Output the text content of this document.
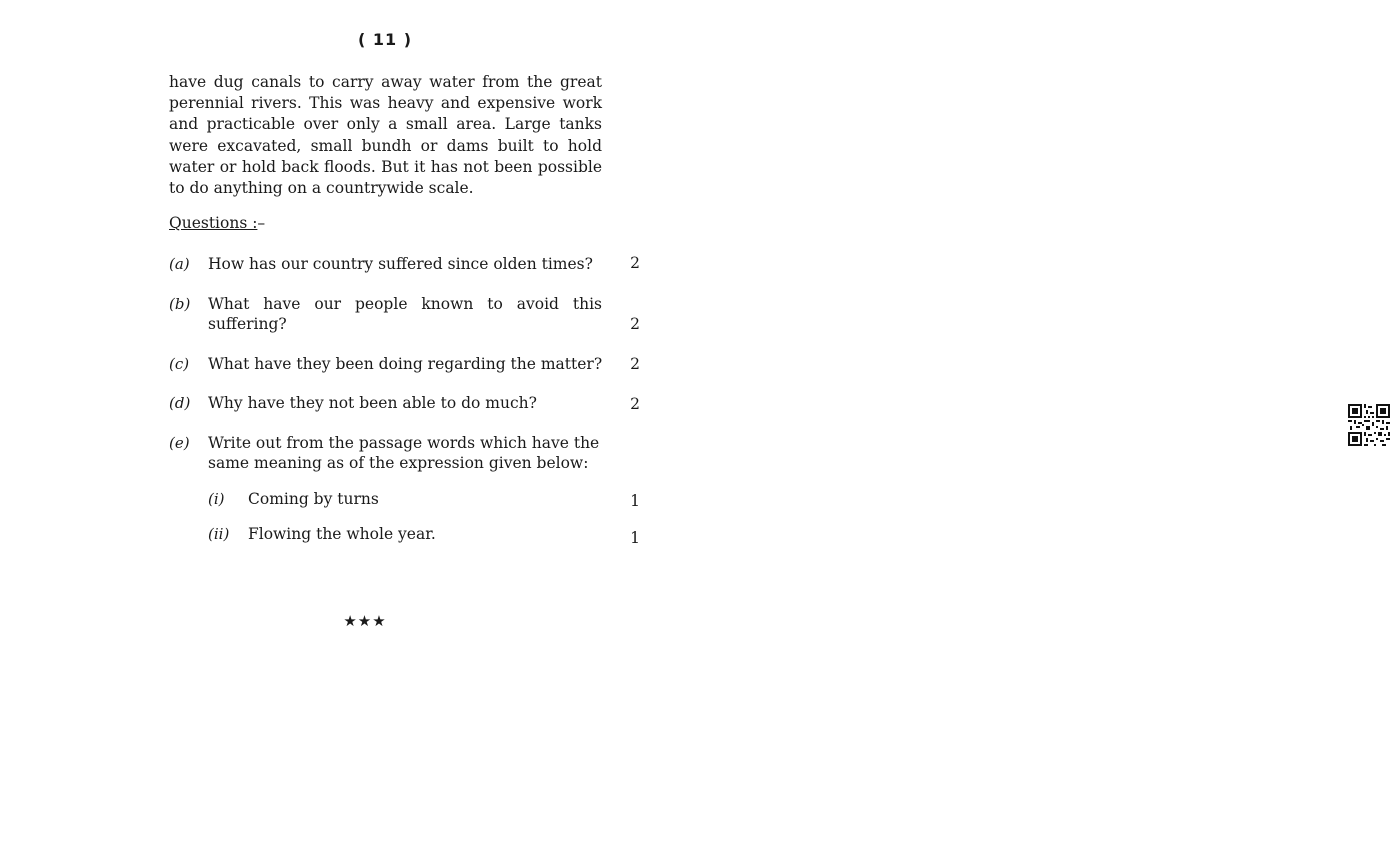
( 11 )
have dug canals to carry away water from the great
perennial rivers. This was heavy and expensive work
and practicable over only a small area. Large tanks
were excavated, small bundh or dams built to hold
water or hold back floods. But it has not been possible
to do anything on a countrywide scale.
Questions :–
(a) How has our country suffered since olden times? 2
(b) What have our people known to avoid this
suffering?	2
(c) What have they been doing regarding the matter? 2
(d) Why have they not been able to do much?	2
(e) Write out from the passage words which have the
same meaning as of the expression given below:
(i) Coming by turns	1
(ii) Flowing the whole year.	1
★★★
